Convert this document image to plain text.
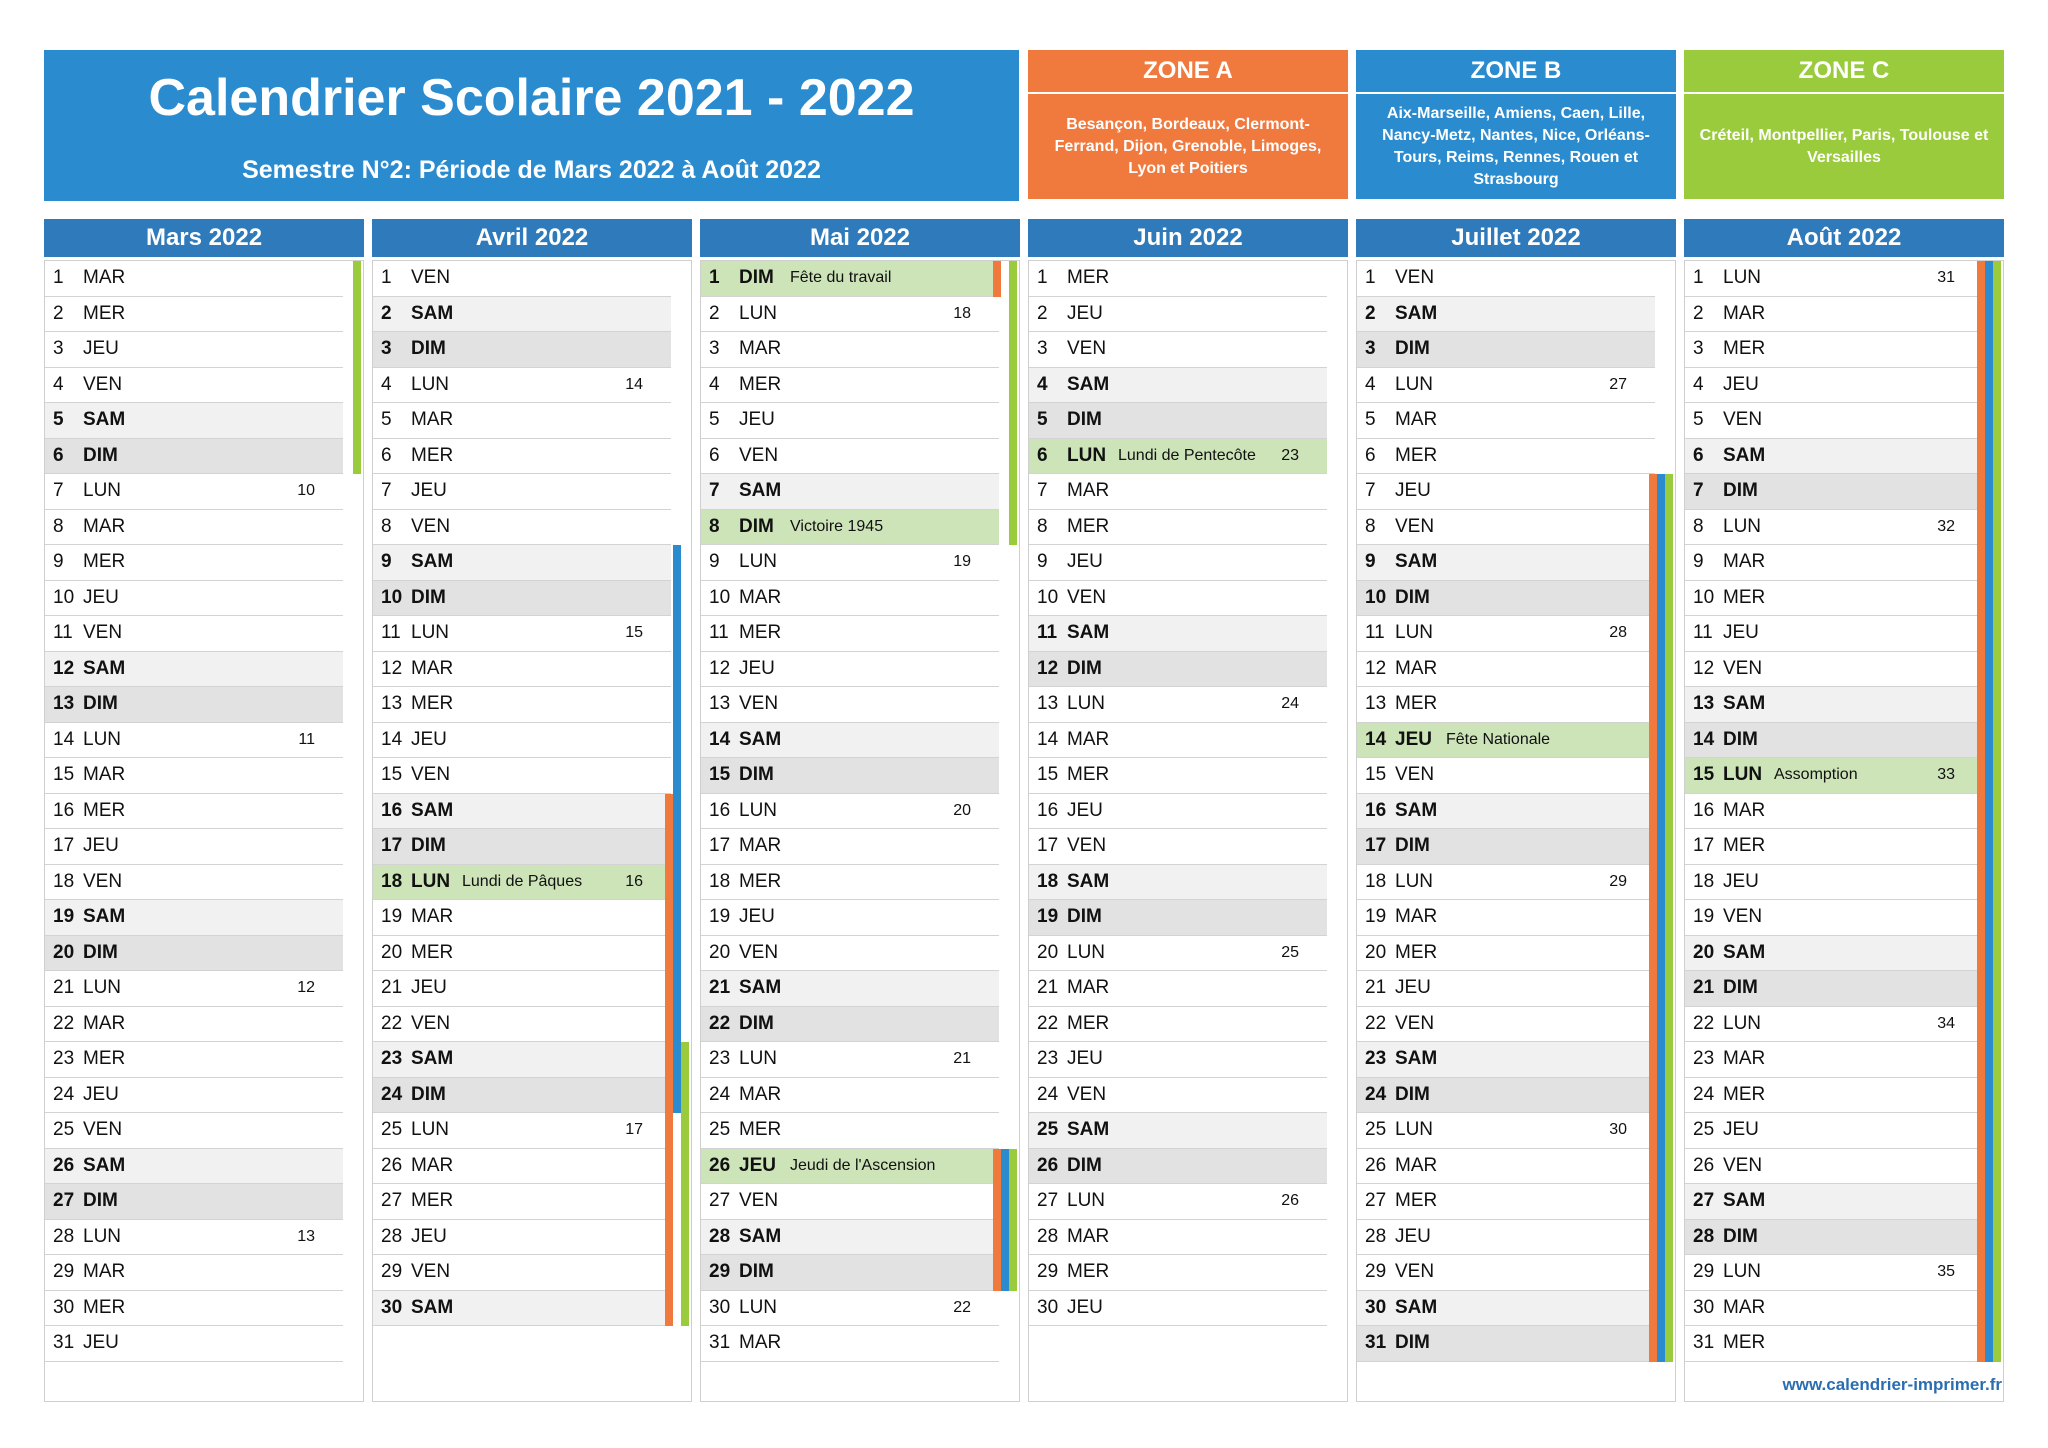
Calendrier Scolaire 2021 - 2022
Semestre N°2: Période de Mars 2022 à Août 2022
ZONE A
Besançon, Bordeaux, Clermont-Ferrand, Dijon, Grenoble, Limoges, Lyon et Poitiers
ZONE B
Aix-Marseille, Amiens, Caen, Lille, Nancy-Metz, Nantes, Nice, Orléans-Tours, Reims, Rennes, Rouen et Strasbourg
ZONE C
Créteil, Montpellier, Paris, Toulouse et Versailles
Mars 2022
1 MAR
2 MER
3 JEU
4 VEN
5 SAM
6 DIM
7 LUN	10
8 MAR
9 MER
10 JEU
11 VEN
12 SAM
13 DIM
14 LUN	11
15 MAR
16 MER
17 JEU
18 VEN
19 SAM
20 DIM
21 LUN	12
22 MAR
23 MER
24 JEU
25 VEN
26 SAM
27 DIM
28 LUN	13
29 MAR
30 MER
31 JEU
Avril 2022
1 VEN
2 SAM
3 DIM
4 LUN	14
5 MAR
6 MER
7 JEU
8 VEN
9 SAM
10 DIM
11 LUN	15
12 MAR
13 MER
14 JEU
15 VEN
16 SAM
17 DIM
18 LUN Lundi de Pâques	16
19 MAR
20 MER
21 JEU
22 VEN
23 SAM
24 DIM
25 LUN	17
26 MAR
27 MER
28 JEU
29 VEN
30 SAM
Mai 2022
1 DIM Fête du travail
2 LUN	18
3 MAR
4 MER
5 JEU
6 VEN
7 SAM
8 DIM Victoire 1945
9 LUN	19
10 MAR
11 MER
12 JEU
13 VEN
14 SAM
15 DIM
16 LUN	20
17 MAR
18 MER
19 JEU
20 VEN
21 SAM
22 DIM
23 LUN	21
24 MAR
25 MER
26 JEU Jeudi de l'Ascension
27 VEN
28 SAM
29 DIM
30 LUN	22
31 MAR
Juin 2022
1 MER
2 JEU
3 VEN
4 SAM
5 DIM
6 LUN Lundi de Pentecôte 23
7 MAR
8 MER
9 JEU
10 VEN
11 SAM
12 DIM
13 LUN	24
14 MAR
15 MER
16 JEU
17 VEN
18 SAM
19 DIM
20 LUN	25
21 MAR
22 MER
23 JEU
24 VEN
25 SAM
26 DIM
27 LUN	26
28 MAR
29 MER
30 JEU
Juillet 2022
1 VEN
2 SAM
3 DIM
4 LUN	27
5 MAR
6 MER
7 JEU
8 VEN
9 SAM
10 DIM
11 LUN	28
12 MAR
13 MER
14 JEU Fête Nationale
15 VEN
16 SAM
17 DIM
18 LUN	29
19 MAR
20 MER
21 JEU
22 VEN
23 SAM
24 DIM
25 LUN	30
26 MAR
27 MER
28 JEU
29 VEN
30 SAM
31 DIM
Août 2022
1 LUN	31
2 MAR
3 MER
4 JEU
5 VEN
6 SAM
7 DIM
8 LUN	32
9 MAR
10 MER
11 JEU
12 VEN
13 SAM
14 DIM
15 LUN Assomption	33
16 MAR
17 MER
18 JEU
19 VEN
20 SAM
21 DIM
22 LUN	34
23 MAR
24 MER
25 JEU
26 VEN
27 SAM
28 DIM
29 LUN	35
30 MAR
31 MER
www.calendrier-imprimer.fr
